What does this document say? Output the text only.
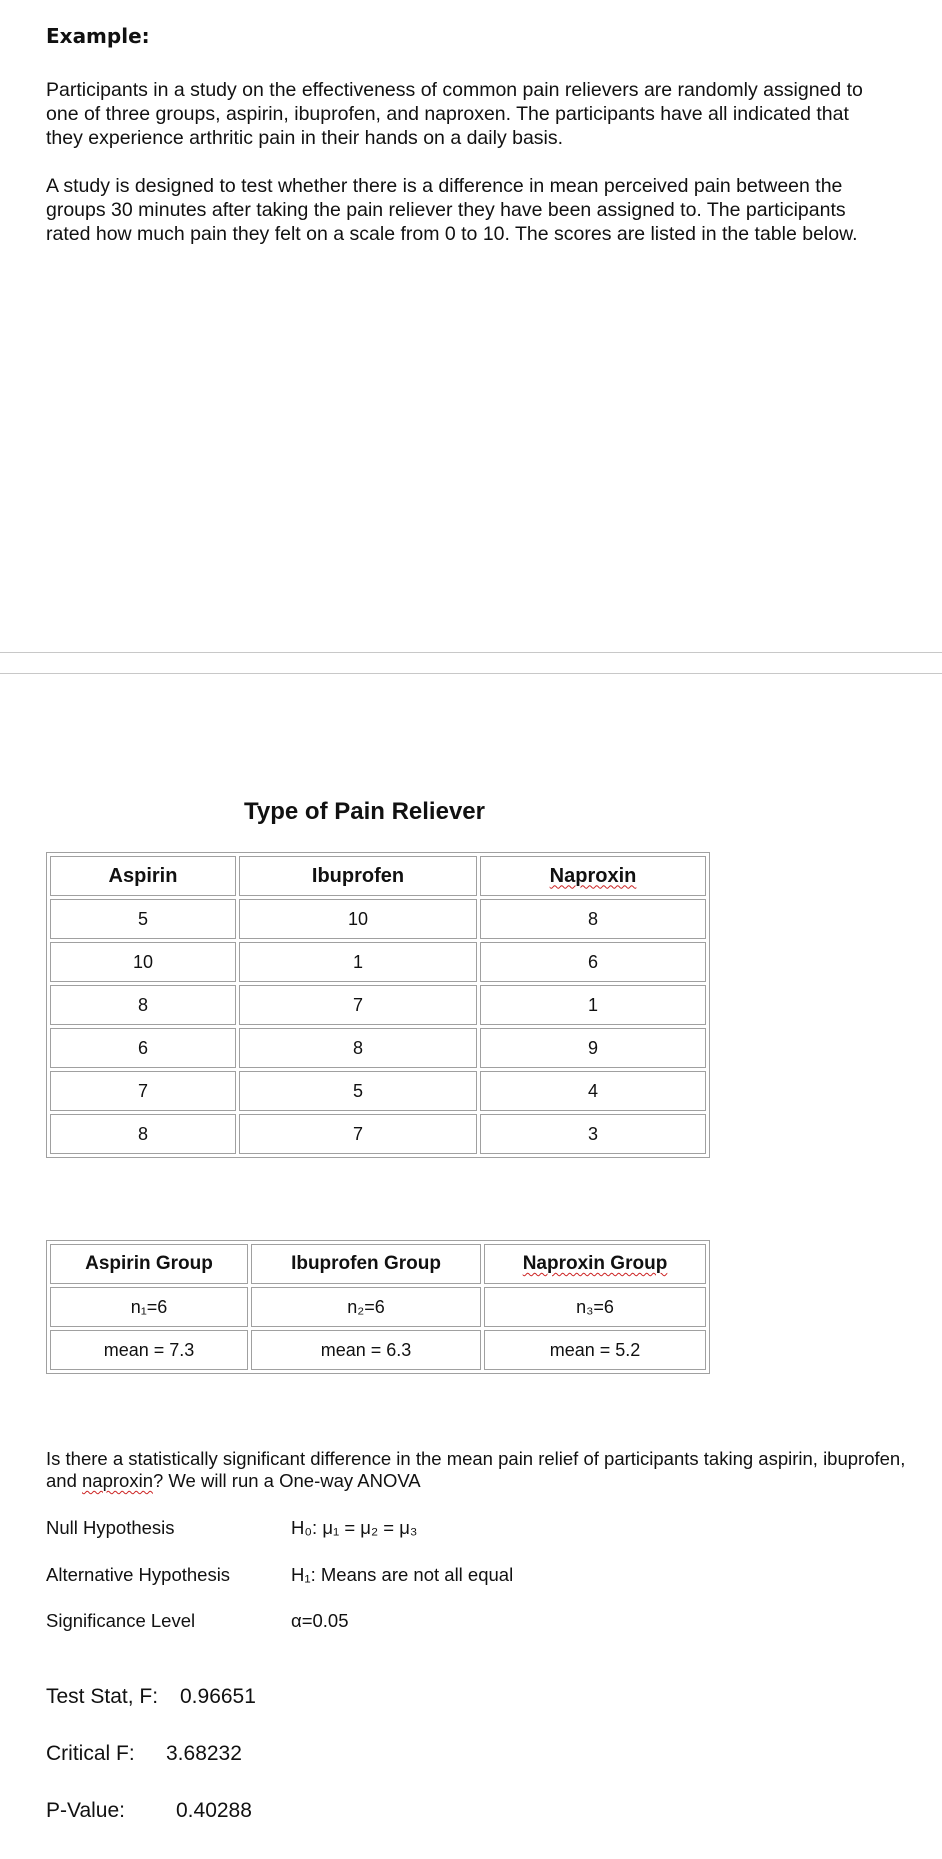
Example:
Participants in a study on the effectiveness of common pain relievers are randomly assigned to one of three groups, aspirin, ibuprofen, and naproxen. The participants have all indicated that they experience arthritic pain in their hands on a daily basis.
A study is designed to test whether there is a difference in mean perceived pain between the groups 30 minutes after taking the pain reliever they have been assigned to. The participants rated how much pain they felt on a scale from 0 to 10. The scores are listed in the table below.
Type of Pain Reliever
Aspirin	Ibuprofen	Naproxin
5	10	8
10	1	6
8	7	1
6	8	9
7	5	4
8	7	3
Aspirin Group	Ibuprofen Group	Naproxin Group
n₁=6	n₂=6	n₃=6
mean = 7.3	mean = 6.3	mean = 5.2
Is there a statistically significant difference in the mean pain relief of participants taking aspirin, ibuprofen, and naproxin? We will run a One-way ANOVA
Null Hypothesis	H₀: μ₁ = μ₂ = μ₃
Alternative Hypothesis	H₁: Means are not all equal
Significance Level	α=0.05
Test Stat, F: 0.96651
Critical F: 3.68232
P-Value: 0.40288
